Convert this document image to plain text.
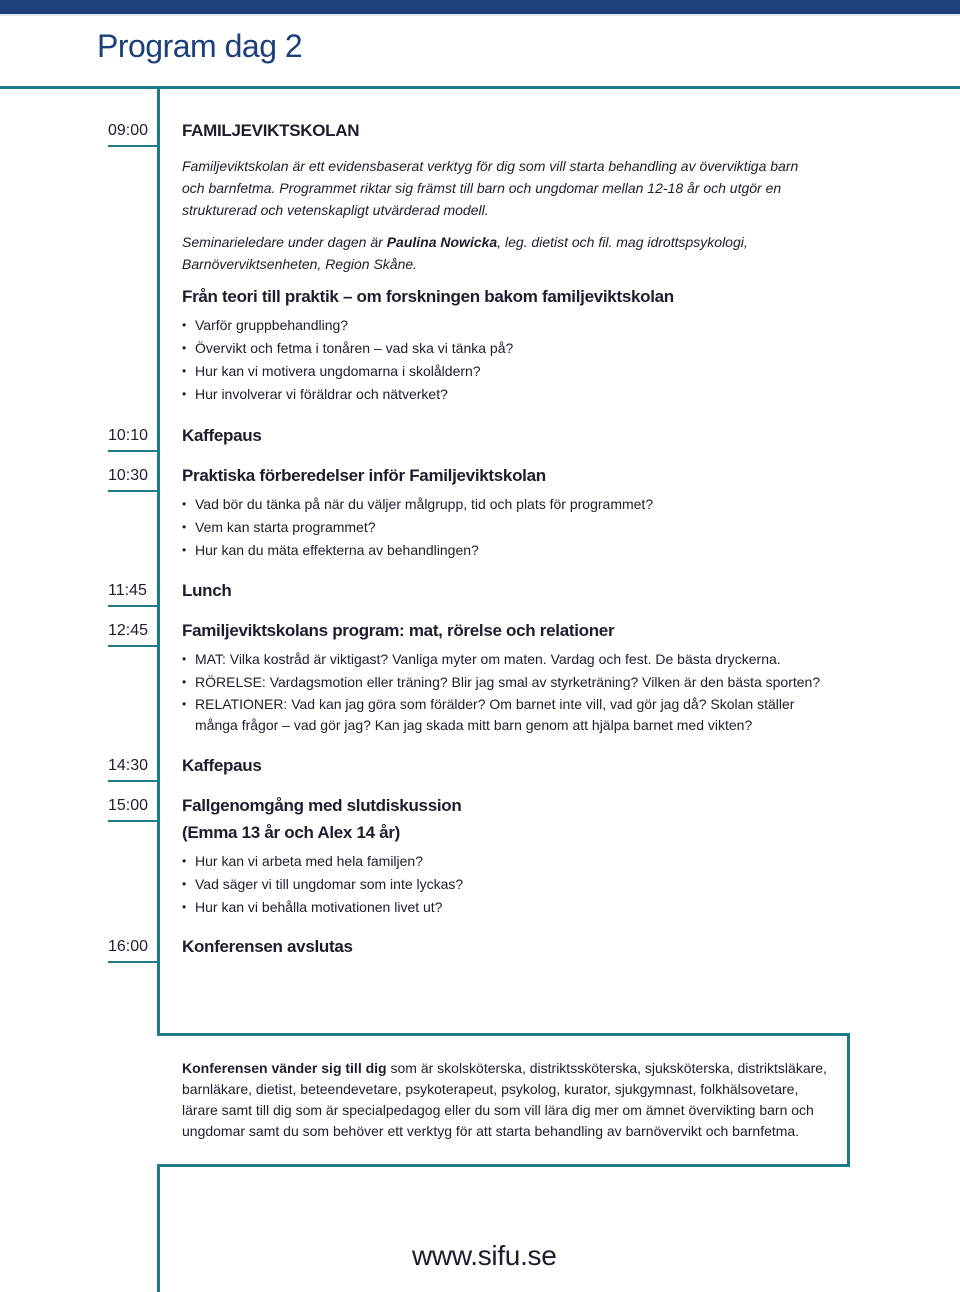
Program dag 2
09:00 FAMILJEVIKTSKOLAN
Familjeviktskolan är ett evidensbaserat verktyg för dig som vill starta behandling av överviktiga barn och barnfetma. Programmet riktar sig främst till barn och ungdomar mellan 12-18 år och utgör en strukturerad och vetenskapligt utvärderad modell.
Seminarieledare under dagen är Paulina Nowicka, leg. dietist och fil. mag idrottspsykologi, Barnöverviktsenheten, Region Skåne.
Från teori till praktik – om forskningen bakom familjeviktskolan
• Varför gruppbehandling?
• Övervikt och fetma i tonåren – vad ska vi tänka på?
• Hur kan vi motivera ungdomarna i skolåldern?
• Hur involverar vi föräldrar och nätverket?
10:10 Kaffepaus
10:30 Praktiska förberedelser inför Familjeviktskolan
• Vad bör du tänka på när du väljer målgrupp, tid och plats för programmet?
• Vem kan starta programmet?
• Hur kan du mäta effekterna av behandlingen?
11:45	Lunch
12:45 Familjeviktskolans program: mat, rörelse och relationer
• MAT: Vilka kostråd är viktigast? Vanliga myter om maten. Vardag och fest. De bästa dryckerna.
• RÖRELSE: Vardagsmotion eller träning? Blir jag smal av styrketräning? Vilken är den bästa sporten?
• RELATIONER: Vad kan jag göra som förälder? Om barnet inte vill, vad gör jag då? Skolan ställer många frågor – vad gör jag? Kan jag skada mitt barn genom att hjälpa barnet med vikten?
14:30 Kaffepaus
15:00 Fallgenomgång med slutdiskussion
(Emma 13 år och Alex 14 år)
• Hur kan vi arbeta med hela familjen?
• Vad säger vi till ungdomar som inte lyckas?
• Hur kan vi behålla motivationen livet ut?
16:00 Konferensen avslutas
Konferensen vänder sig till dig som är skolsköterska, distriktssköterska, sjuksköterska, distriktsläkare, barnläkare, dietist, beteendevetare, psykoterapeut, psykolog, kurator, sjukgymnast, folkhälsovetare, lärare samt till dig som är specialpedagog eller du som vill lära dig mer om ämnet övervikting barn och ungdomar samt du som behöver ett verktyg för att starta behandling av barnövervikt och barnfetma.
www.sifu.se
